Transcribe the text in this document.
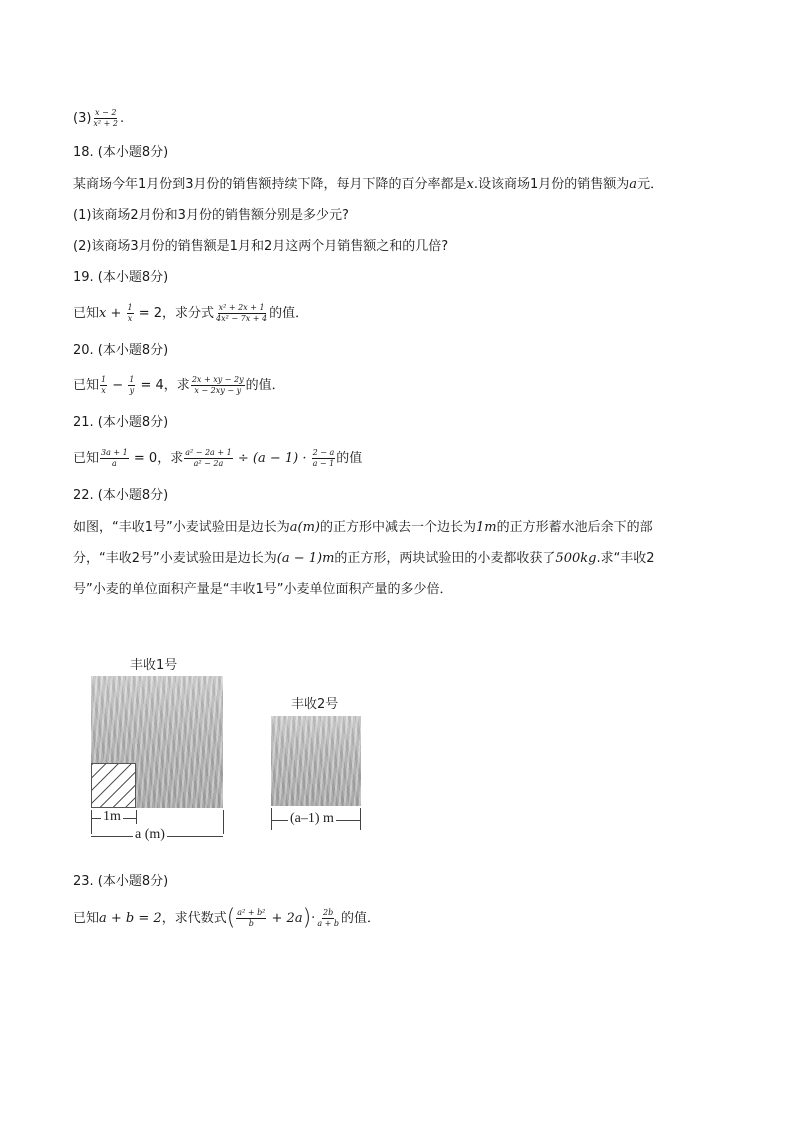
$(3) \frac{x - 2}{\text{x² + 2}}$ .
18. (本小题8分)
某商场今年1月份到3月份的销售额持续下降，每月下降的百分率都是x.设该商场1月份的销售额为a元．
(1)该商场2月份和3月份的销售额分别是多少元?
(2)该商场3月份的销售额是1月和2月这两个月销售额之和的几倍?
19. (本小题8分)
已知$x + \frac{1}{x} = 2$，求分式 $\frac{\text{x² + 2x + 1}}{\text{4x² − 7x + 4}}$ 的值．
20. (本小题8分)
已知 $\frac{1}{x} - \frac{1}{y} = 4$，求 $\frac{2x + xy - 2y}{x - 2xy - y}$ 的值．
21. (本小题8分)
已知 $\frac{3a + 1}{a} = 0$，求 $\frac{\text{a² − 2a + 1}}{\text{a² − 2a}} \div (a - 1) \cdot \frac{2 - a}{a - 1}$ 的值
22. (本小题8分)
如图，“丰收1号”小麦试验田是边长为a(m)的正方形中减去一个边长为1m的正方形蓄水池后余下的部
分，“丰收2号”小麦试验田是边长为(a − 1)m的正方形，两块试验田的小麦都收获了500kg.求“丰收2
号”小麦的单位面积产量是“丰收1号”小麦单位面积产量的多少倍．
丰收1号
1m
a (m)
丰收2号
(a–1) m
23. (本小题8分)
已知a + b = 2，求代数式( $\frac{\text{a² + b²}}{b} + 2a)\cdot \frac{2b}{a + b}$ 的值．
